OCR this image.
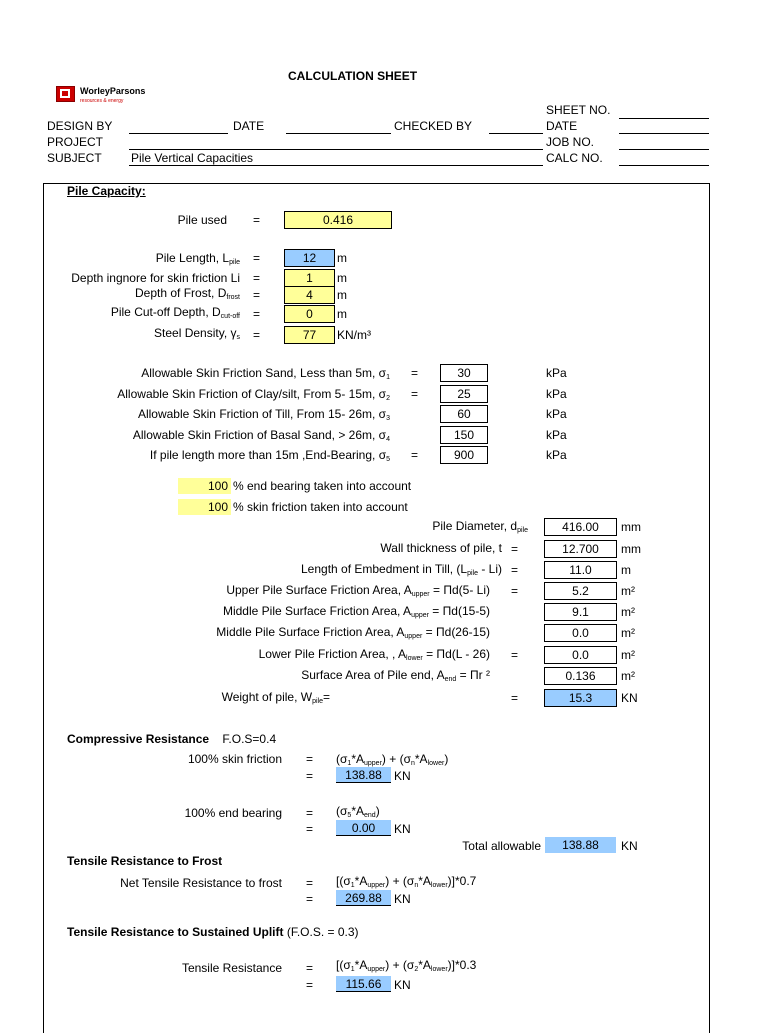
CALCULATION SHEET
WorleyParsons
resources & energy
SHEET NO.
DESIGN BY	DATE	CHECKED BY	DATE
PROJECT	JOB NO.
SUBJECT Pile Vertical Capacities	CALC NO.
Pile Capacity:
Pile used =	0.416
Pile Length, $L_{pile}$ =	12	m
Depth ingnore for skin friction Li =	1	m
Depth of Frost, $D_{frost}$ =	4	m
Pile Cut-off Depth, $D_{cut-off}$ =	0	m
Steel Density, $\gamma_s$ =	77	KN/m³
Allowable Skin Friction Sand, Less than 5m, $\sigma_1$ =	30	kPa
Allowable Skin Friction of Clay/silt, From 5- 15m, $\sigma_2$ =	25	kPa
Allowable Skin Friction of Till, From 15- 26m, $\sigma_3$	60	kPa
Allowable Skin Friction of Basal Sand, > 26m, $\sigma_4$	150	kPa
If pile length more than 15m ,End-Bearing, $\sigma_5$ =	900	kPa
100 % end bearing taken into account
100 % skin friction taken into account
Pile Diameter, $d_{pile}$	416.00	mm
Wall thickness of pile, t =	12.700	mm
Length of Embedment in Till, $(L_{pile} - Li)$ =	11.0	m
Upper Pile Surface Friction Area, $A_{upper} = \Pi d(5-$ Li) =	5.2	m²
Middle Pile Surface Friction Area, $A_{upper} = \Pi d(15-5)$	9.1	m²
Middle Pile Surface Friction Area, $A_{upper} = \Pi d(26-15)$	0.0	m²
Lower Pile Friction Area, , $A_{lower} = \Pi d(L - 26)$ =	0.0	m²
Surface Area of Pile end, $A_{end} = \Pi r$ ²	0.136	m²
Weight of pile, $W_{pile}=$	=	15.3	KN
Compressive Resistance F.O.S=0.4
100% skin friction = $(\sigma_1*A_{upper}) + (\sigma_n*A_{lower})$
=	138.88	KN
100% end bearing = $(\sigma_5*A_{end})$
=	0.00	KN
Total allowable	138.88	KN
Tensile Resistance to Frost
Net Tensile Resistance to frost = $[(\sigma_1*A_{upper}) + (\sigma_n*A_{lower})]*0.7$
=	269.88	KN
Tensile Resistance to Sustained Uplift (F.O.S. = 0.3)
Tensile Resistance = $[(\sigma_1*A_{upper}) + (\sigma_2*A_{lower})]*0.3$
=	115.66	KN
